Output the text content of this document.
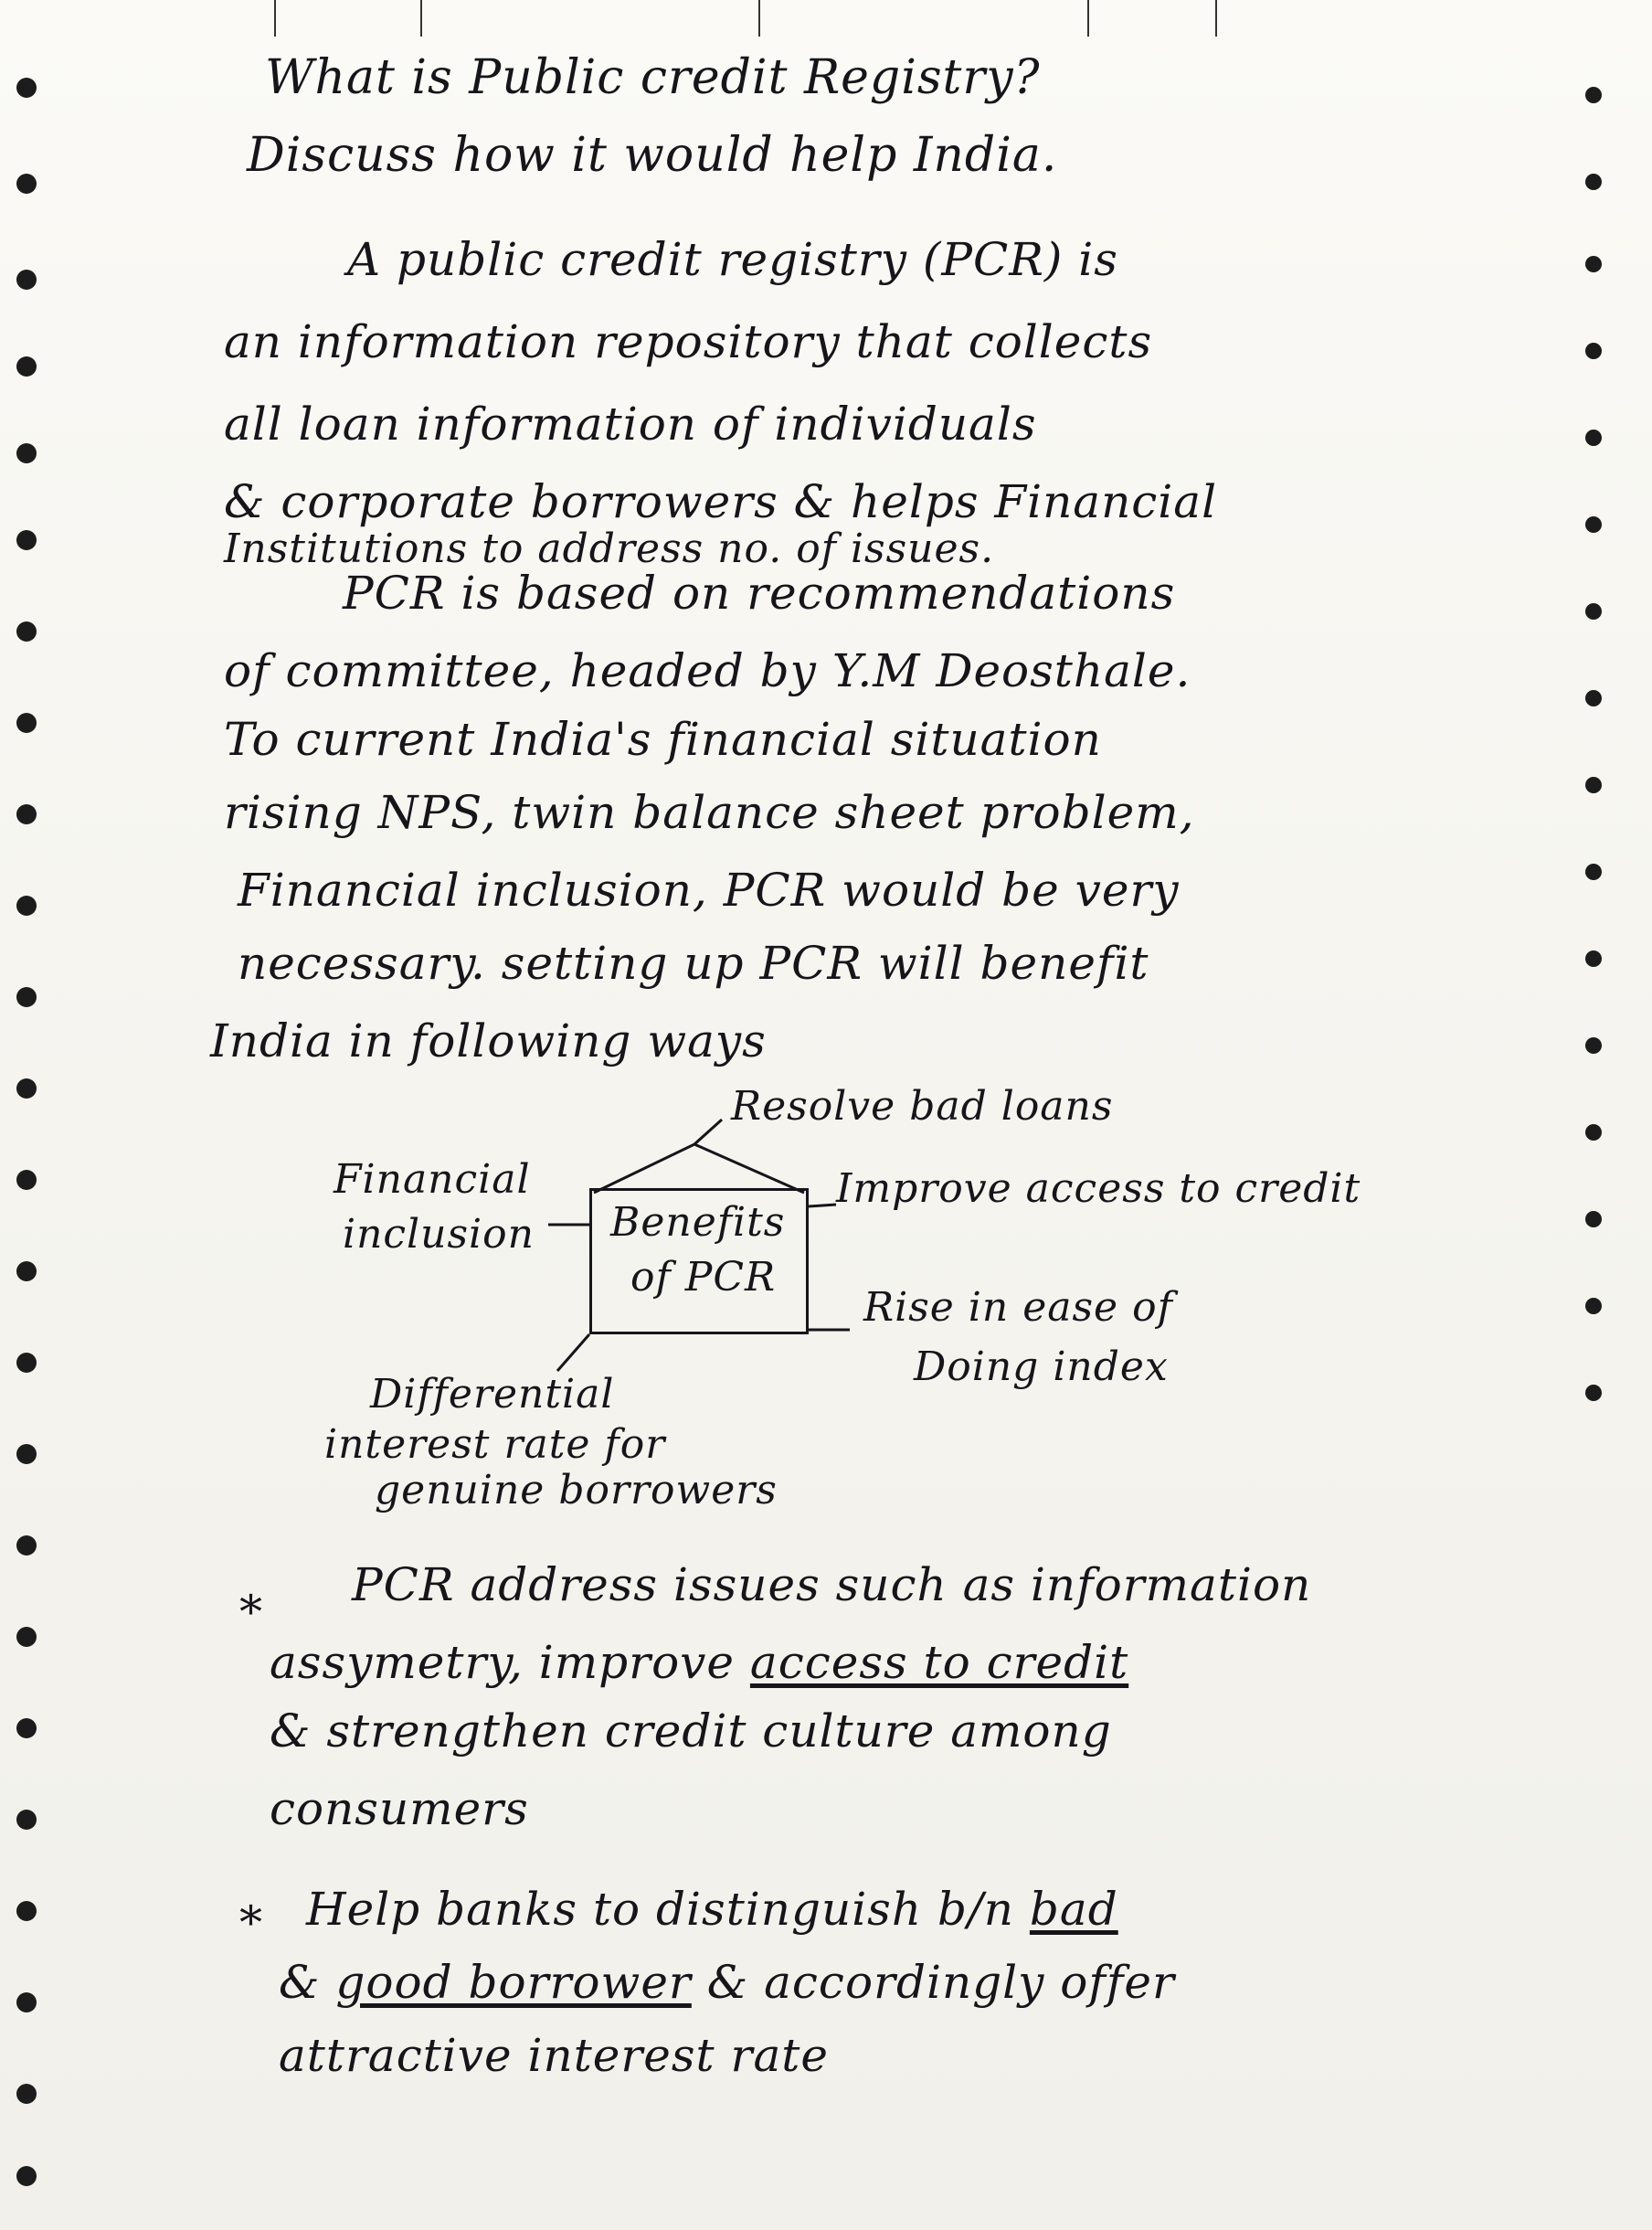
What is Public credit Registry?
Discuss how it would help India.
A public credit registry (PCR) is
an information repository that collects
all loan information of individuals
& corporate borrowers & helps Financial
Institutions to address no. of issues.
PCR is based on recommendations
of committee, headed by Y.M Deosthale.
To current India's financial situation
rising NPS, twin balance sheet problem,
Financial inclusion, PCR would be very
necessary. setting up PCR will benefit
India in following ways
Benefits
of PCR
Resolve bad loans
Improve access to credit
Rise in ease of
Doing index
Financial
inclusion
Differential
interest rate for
genuine borrowers
*
PCR address issues such as information
assymetry, improve access to credit
& strengthen credit culture among
consumers
* Help banks to distinguish b/n bad
& good borrower & accordingly offer
attractive interest rate
